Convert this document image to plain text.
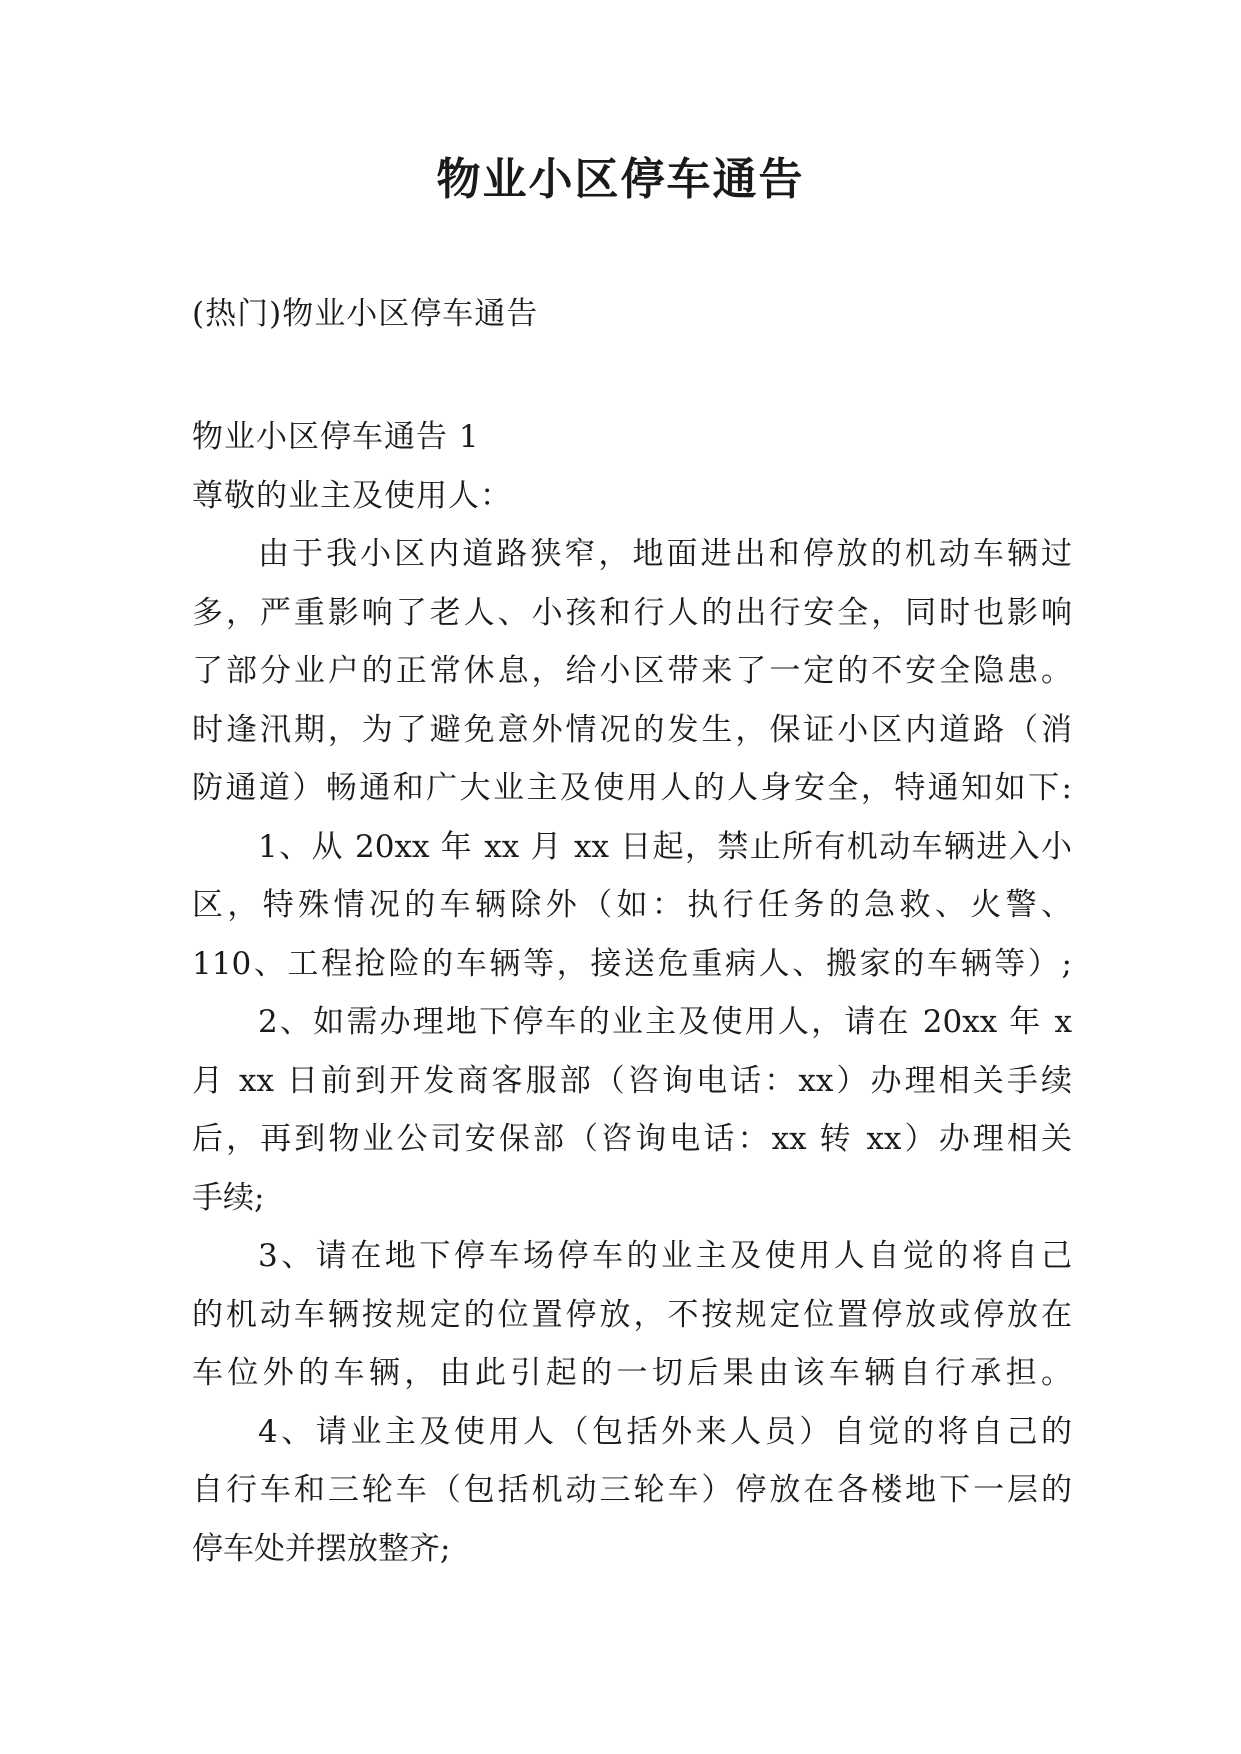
物业小区停车通告
(热门)物业小区停车通告
物业小区停车通告 1
尊敬的业主及使用人：
由于我小区内道路狭窄，地面进出和停放的机动车辆过
多，严重影响了老人、小孩和行人的出行安全，同时也影响
了部分业户的正常休息，给小区带来了一定的不安全隐患。
时逢汛期，为了避免意外情况的发生，保证小区内道路（消
防通道）畅通和广大业主及使用人的人身安全，特通知如下:
1、从 20xx 年 xx 月 xx 日起，禁止所有机动车辆进入小
区，特殊情况的车辆除外（如：执行任务的急救、火警、
110、工程抢险的车辆等，接送危重病人、搬家的车辆等）;
2、如需办理地下停车的业主及使用人，请在 20xx 年 x
月 xx 日前到开发商客服部（咨询电话：xx）办理相关手续
后，再到物业公司安保部（咨询电话：xx 转 xx）办理相关
手续;
3、请在地下停车场停车的业主及使用人自觉的将自己
的机动车辆按规定的位置停放，不按规定位置停放或停放在
车位外的车辆，由此引起的一切后果由该车辆自行承担。
4、请业主及使用人（包括外来人员）自觉的将自己的
自行车和三轮车（包括机动三轮车）停放在各楼地下一层的
停车处并摆放整齐;
